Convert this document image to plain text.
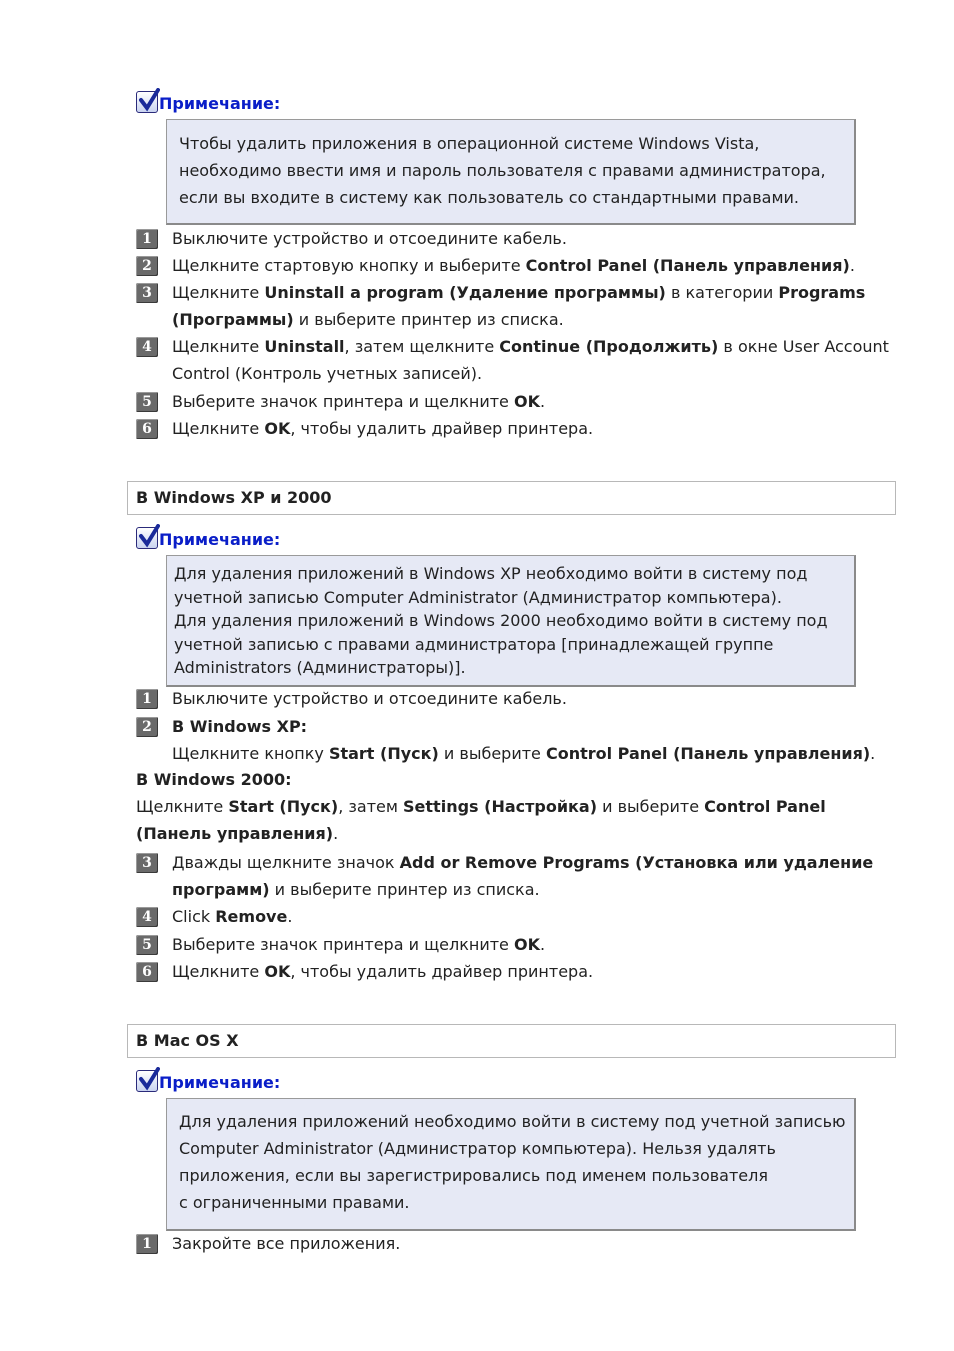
Примечание:
Чтобы удалить приложения в операционной системе Windows Vista,
необходимо ввести имя и пароль пользователя с правами администратора,
если вы входите в систему как пользователь со стандартными правами.
1	Выключите устройство и отсоедините кабель.
2	Щелкните стартовую кнопку и выберите Control Panel (Панель управления).
3	Щелкните Uninstall a program (Удаление программы) в категории Programs
(Программы) и выберите принтер из списка.
4	Щелкните Uninstall, затем щелкните Continue (Продолжить) в окне User Account
Control (Контроль учетных записей).
5	Выберите значок принтера и щелкните OK.
6	Щелкните OK, чтобы удалить драйвер принтера.
В Windows XP и 2000
Примечание:
Для удаления приложений в Windows XP необходимо войти в систему под
учетной записью Computer Administrator (Администратор компьютера).
Для удаления приложений в Windows 2000 необходимо войти в систему под
учетной записью с правами администратора [принадлежащей группе
Administrators (Администраторы)].
1	Выключите устройство и отсоедините кабель.
2	В Windows XP:
Щелкните кнопку Start (Пуск) и выберите Control Panel (Панель управления).
В Windows 2000:
Щелкните Start (Пуск), затем Settings (Настройка) и выберите Control Panel
(Панель управления).
3	Дважды щелкните значок Add or Remove Programs (Установка или удаление
программ) и выберите принтер из списка.
4	Click Remove.
5	Выберите значок принтера и щелкните OK.
6	Щелкните OK, чтобы удалить драйвер принтера.
В Mac OS X
Примечание:
Для удаления приложений необходимо войти в систему под учетной записью
Computer Administrator (Администратор компьютера). Нельзя удалять
приложения, если вы зарегистрировались под именем пользователя
с ограниченными правами.
1	Закройте все приложения.
